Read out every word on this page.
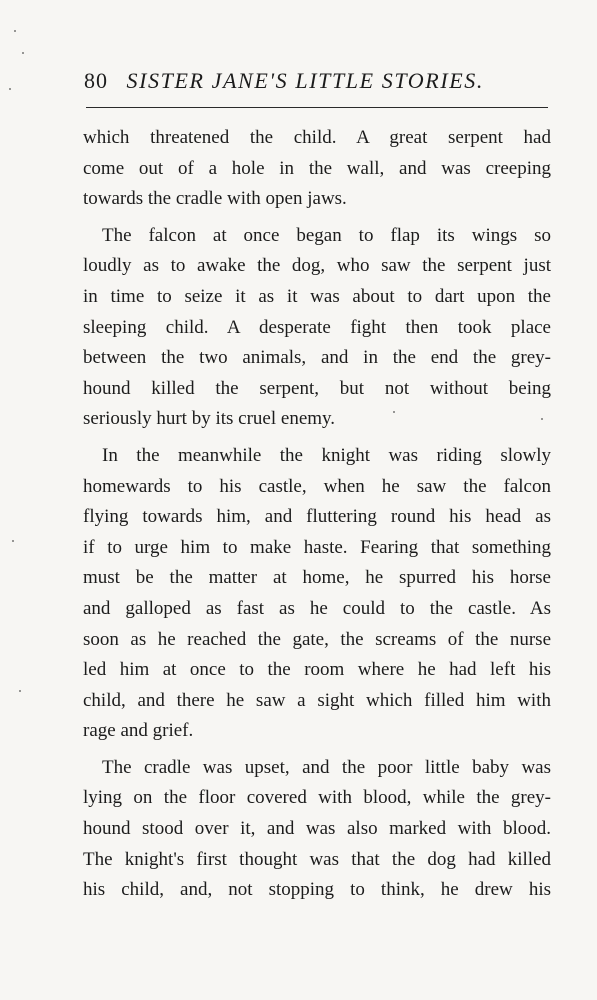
80 SISTER JANE'S LITTLE STORIES.

which threatened the child. A great serpent had
come out of a hole in the wall, and was creeping
towards the cradle with open jaws.

The falcon at once began to flap its wings so
loudly as to awake the dog, who saw the serpent just
in time to seize it as it was about to dart upon the
sleeping child. A desperate fight then took place
between the two animals, and in the end the grey-
hound killed the serpent, but not without being
seriously hurt by its cruel enemy.

In the meanwhile the knight was riding slowly
homewards to his castle, when he saw the falcon
flying towards him, and fluttering round his head as
if to urge him to make haste. Fearing that something
must be the matter at home, he spurred his horse
and galloped as fast as he could to the castle. As
soon as he reached the gate, the screams of the nurse
led him at once to the room where he had left his
child, and there he saw a sight which filled him with
rage and grief.

The cradle was upset, and the poor little baby was
lying on the floor covered with blood, while the grey-
hound stood over it, and was also marked with blood.
The knight's first thought was that the dog had killed
his child, and, not stopping to think, he drew his
